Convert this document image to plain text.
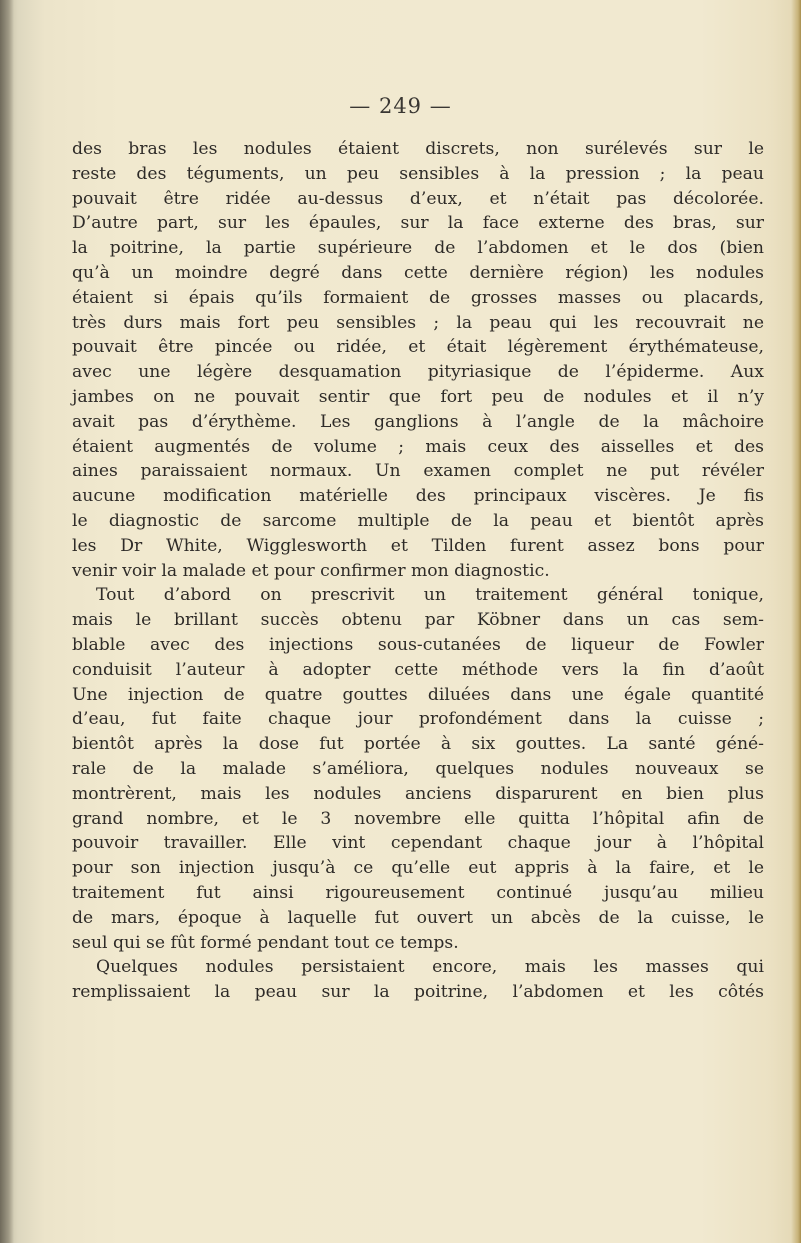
— 249 —
des bras les nodules étaient discrets, non surélevés sur le
reste des téguments, un peu sensibles à la pression ; la peau
pouvait être ridée au-dessus d’eux, et n’était pas décolorée.
D’autre part, sur les épaules, sur la face externe des bras, sur
la poitrine, la partie supérieure de l’abdomen et le dos (bien
qu’à un moindre degré dans cette dernière région) les nodules
étaient si épais qu’ils formaient de grosses masses ou placards,
très durs mais fort peu sensibles ; la peau qui les recouvrait ne
pouvait être pincée ou ridée, et était légèrement érythémateuse,
avec une légère desquamation pityriasique de l’épiderme. Aux
jambes on ne pouvait sentir que fort peu de nodules et il n’y
avait pas d’érythème. Les ganglions à l’angle de la mâchoire
étaient augmentés de volume ; mais ceux des aisselles et des
aines paraissaient normaux. Un examen complet ne put révéler
aucune modification matérielle des principaux viscères. Je fis
le diagnostic de sarcome multiple de la peau et bientôt après
les Dr White, Wigglesworth et Tilden furent assez bons pour
venir voir la malade et pour confirmer mon diagnostic.
Tout d’abord on prescrivit un traitement général tonique,
mais le brillant succès obtenu par Köbner dans un cas sem-
blable avec des injections sous-cutanées de liqueur de Fowler
conduisit l’auteur à adopter cette méthode vers la fin d’août
Une injection de quatre gouttes diluées dans une égale quantité
d’eau, fut faite chaque jour profondément dans la cuisse ;
bientôt après la dose fut portée à six gouttes. La santé géné-
rale de la malade s’améliora, quelques nodules nouveaux se
montrèrent, mais les nodules anciens disparurent en bien plus
grand nombre, et le 3 novembre elle quitta l’hôpital afin de
pouvoir travailler. Elle vint cependant chaque jour à l’hôpital
pour son injection jusqu’à ce qu’elle eut appris à la faire, et le
traitement fut ainsi rigoureusement continué jusqu’au milieu
de mars, époque à laquelle fut ouvert un abcès de la cuisse, le
seul qui se fût formé pendant tout ce temps.
Quelques nodules persistaient encore, mais les masses qui
remplissaient la peau sur la poitrine, l’abdomen et les côtés
